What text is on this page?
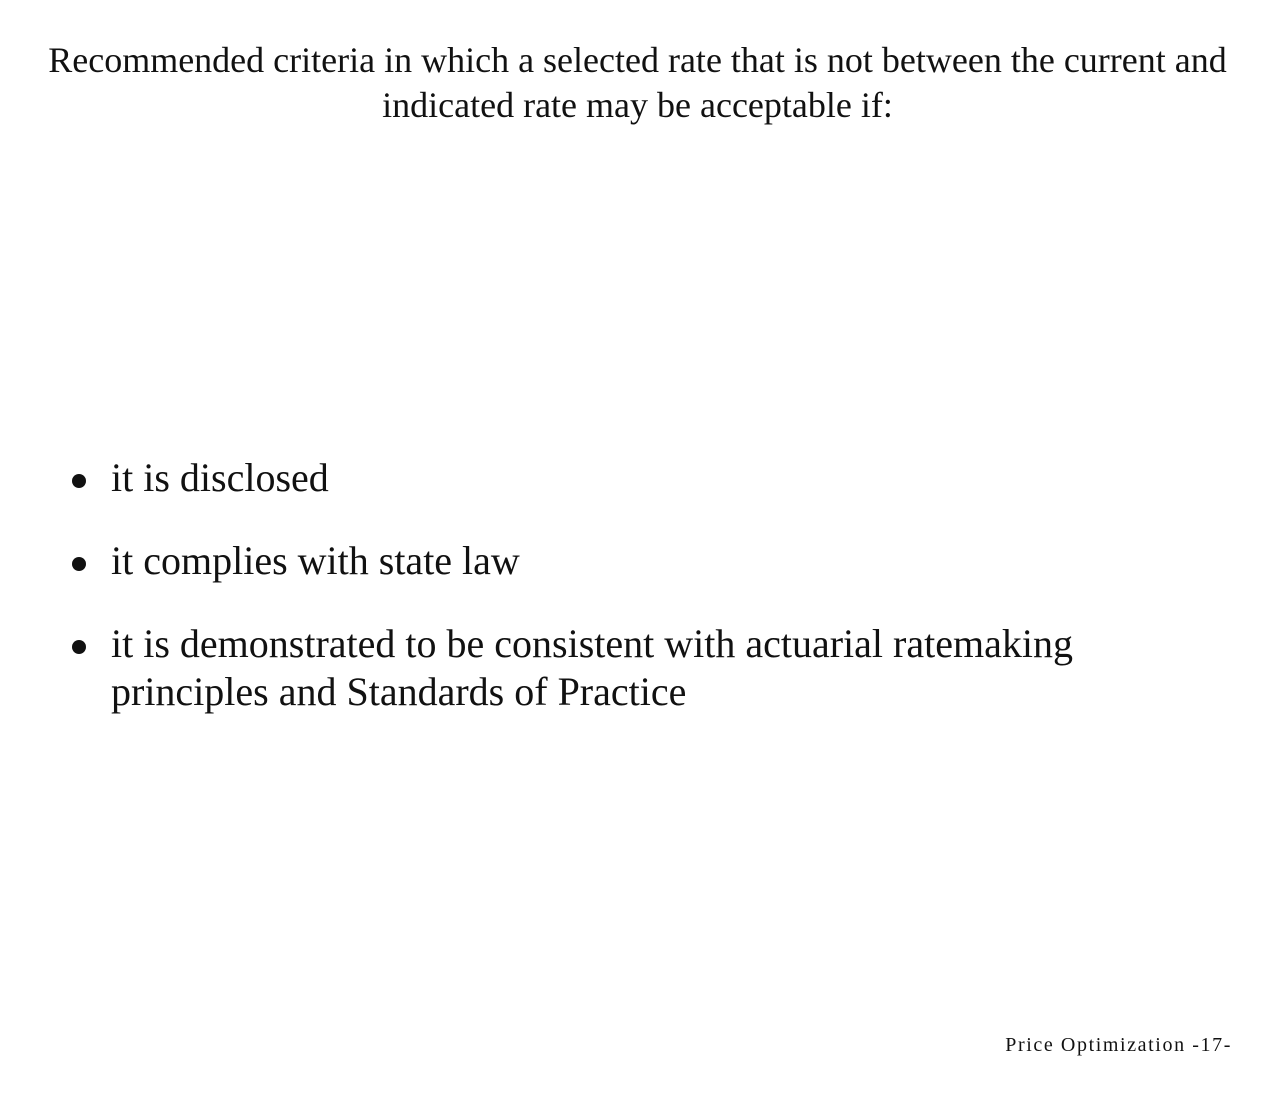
Recommended criteria in which a selected rate that is not between the current and indicated rate may be acceptable if:
it is disclosed
it complies with state law
it is demonstrated to be consistent with actuarial ratemaking principles and Standards of Practice
Price Optimization -17-
